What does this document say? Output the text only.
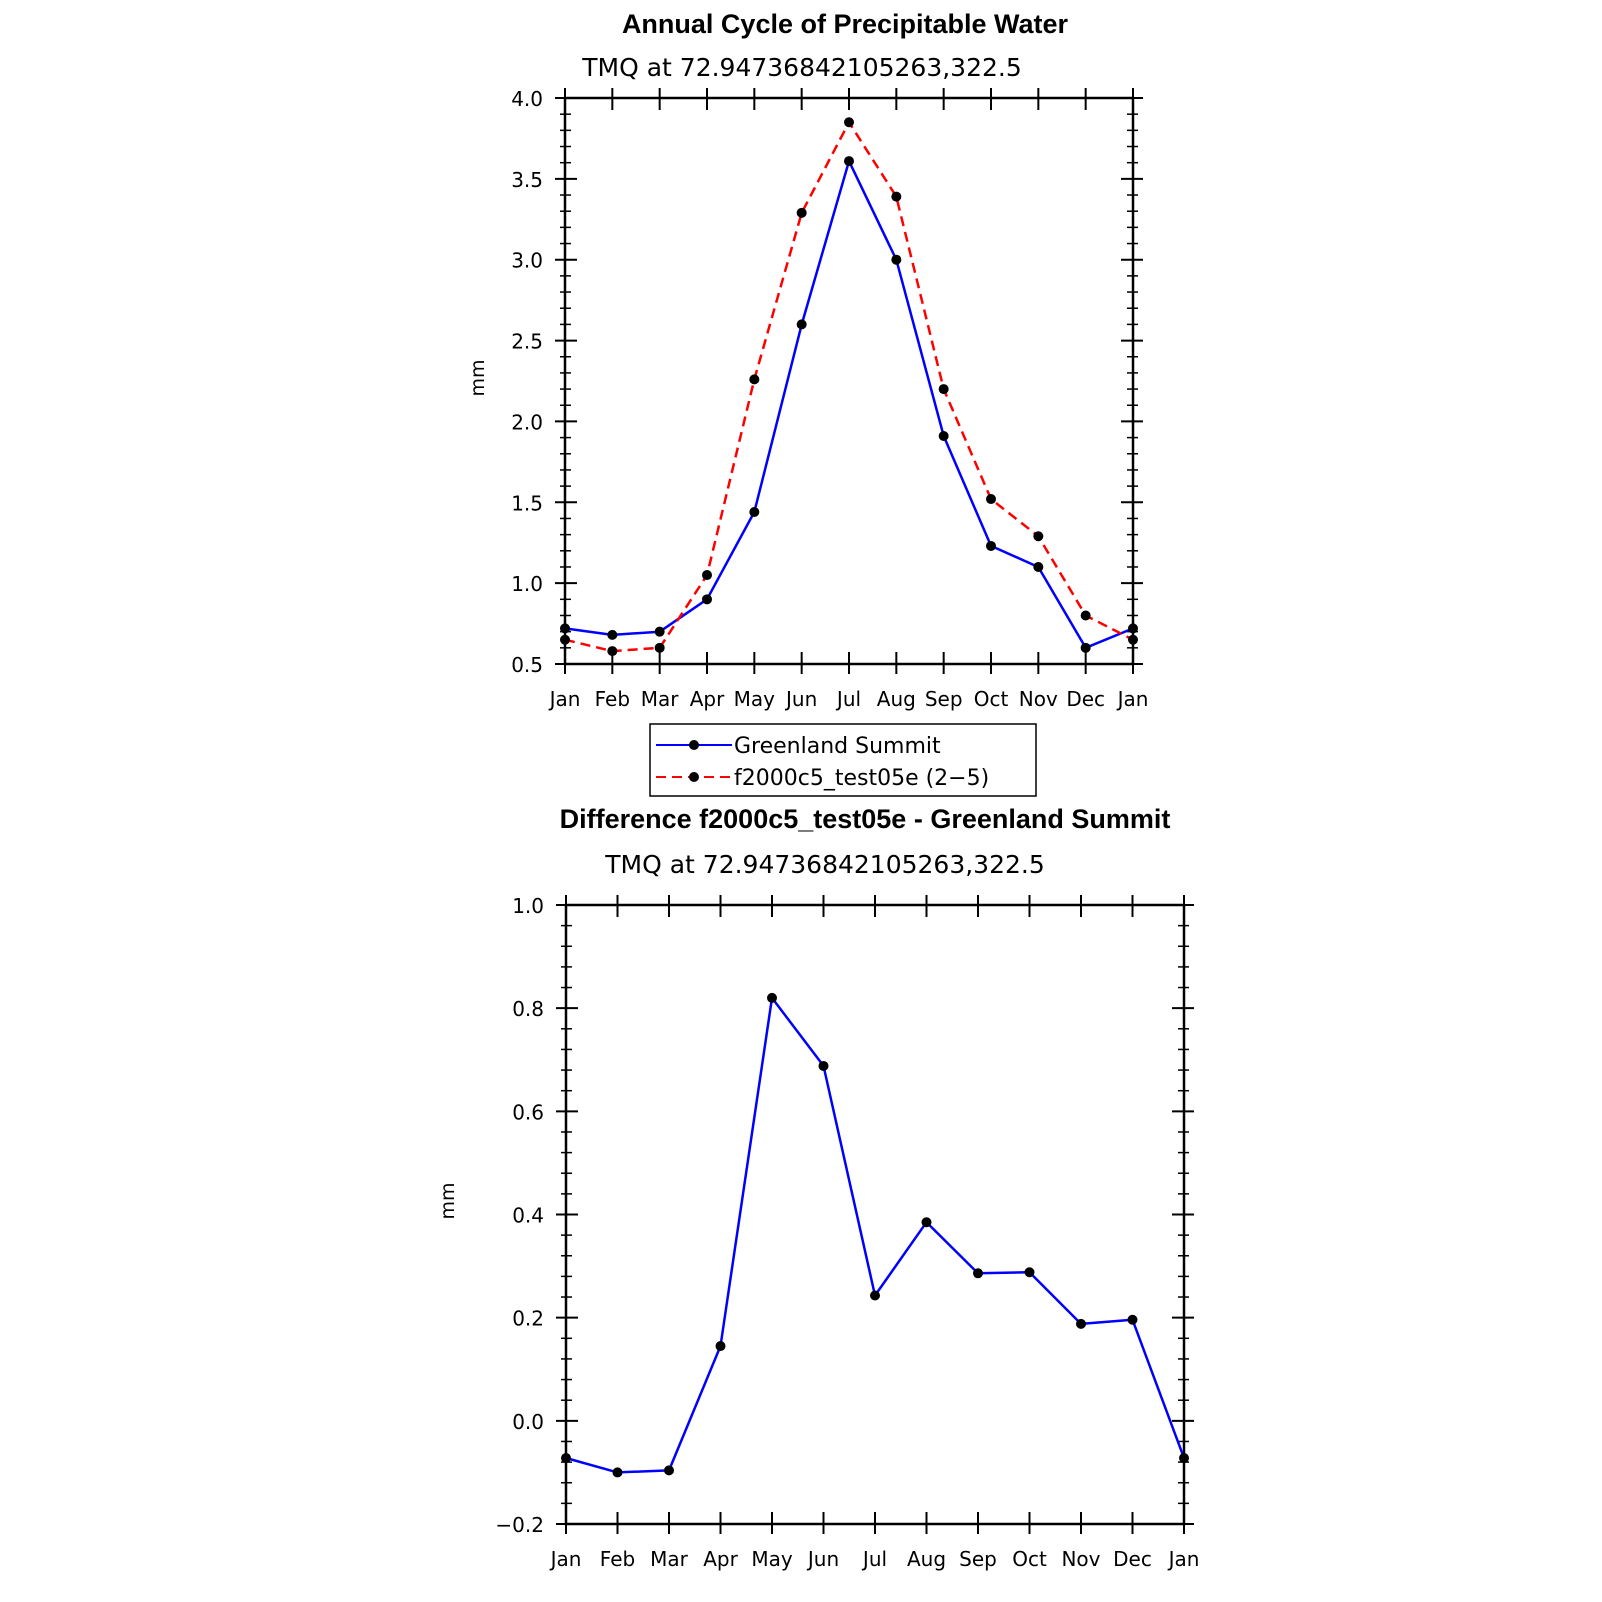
Annual Cycle of Precipitable Water
TMQ at 72.94736842105263,322.5
mm
Jan Feb Mar Apr May Jun Jul Aug Sep Oct Nov Dec Jan
0.5
1.0
1.5
2.0
2.5
3.0
3.5
4.0
Greenland Summit
f2000c5_test05e (2−5)
Difference f2000c5_test05e - Greenland Summit
TMQ at 72.94736842105263,322.5
mm
Jan Feb Mar Apr May Jun Jul Aug Sep Oct Nov Dec Jan
−0.2
0.0
0.2
0.4
0.6
0.8
1.0
